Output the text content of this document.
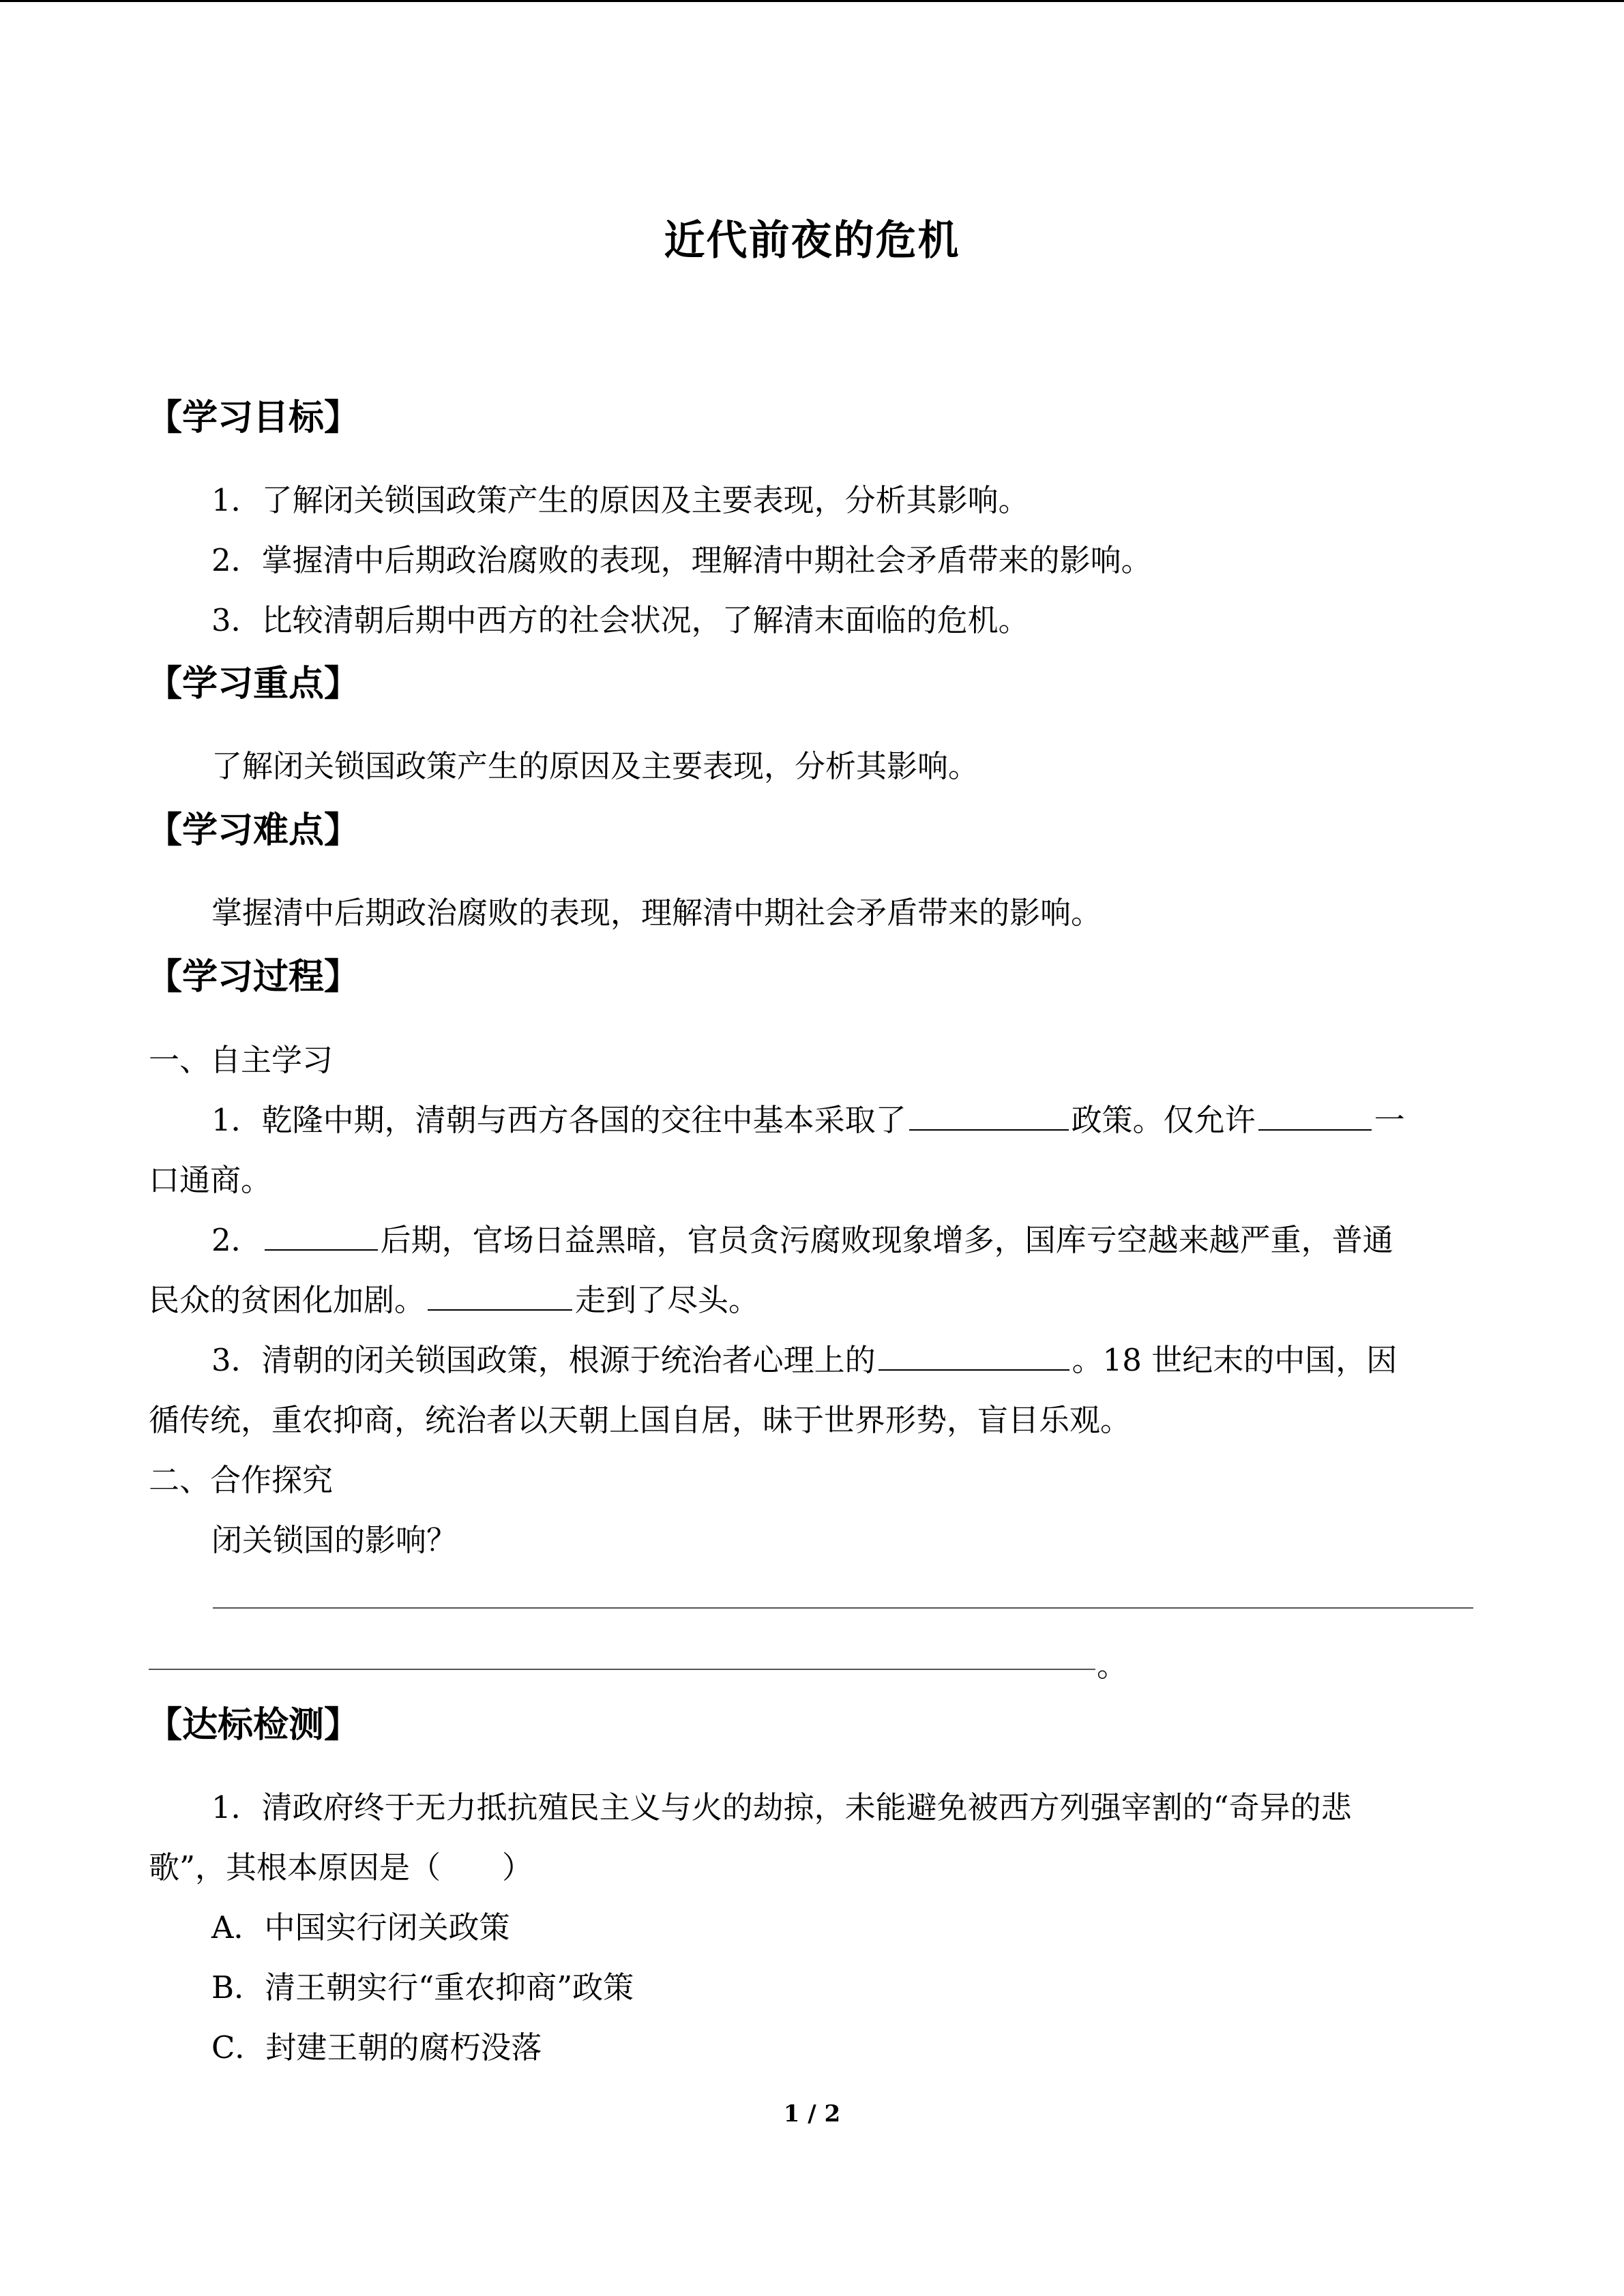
近代前夜的危机
【学习目标】
1．了解闭关锁国政策产生的原因及主要表现，分析其影响。
2．掌握清中后期政治腐败的表现，理解清中期社会矛盾带来的影响。
3．比较清朝后期中西方的社会状况，了解清末面临的危机。
【学习重点】
了解闭关锁国政策产生的原因及主要表现，分析其影响。
【学习难点】
掌握清中后期政治腐败的表现，理解清中期社会矛盾带来的影响。
【学习过程】
一、自主学习
1．乾隆中期，清朝与西方各国的交往中基本采取了	政策。仅允许	一
口通商。
2．	后期，官场日益黑暗，官员贪污腐败现象增多，国库亏空越来越严重，普通
民众的贫困化加剧。	走到了尽头。
3．清朝的闭关锁国政策，根源于统治者心理上的	。18 世纪末的中国，因
循传统，重农抑商，统治者以天朝上国自居，昧于世界形势，盲目乐观。
二、合作探究
闭关锁国的影响？
。
【达标检测】
1．清政府终于无力抵抗殖民主义与火的劫掠，未能避免被西方列强宰割的“奇异的悲
歌”，其根本原因是（　　）
A．中国实行闭关政策
B．清王朝实行“重农抑商”政策
C．封建王朝的腐朽没落
1 / 2
